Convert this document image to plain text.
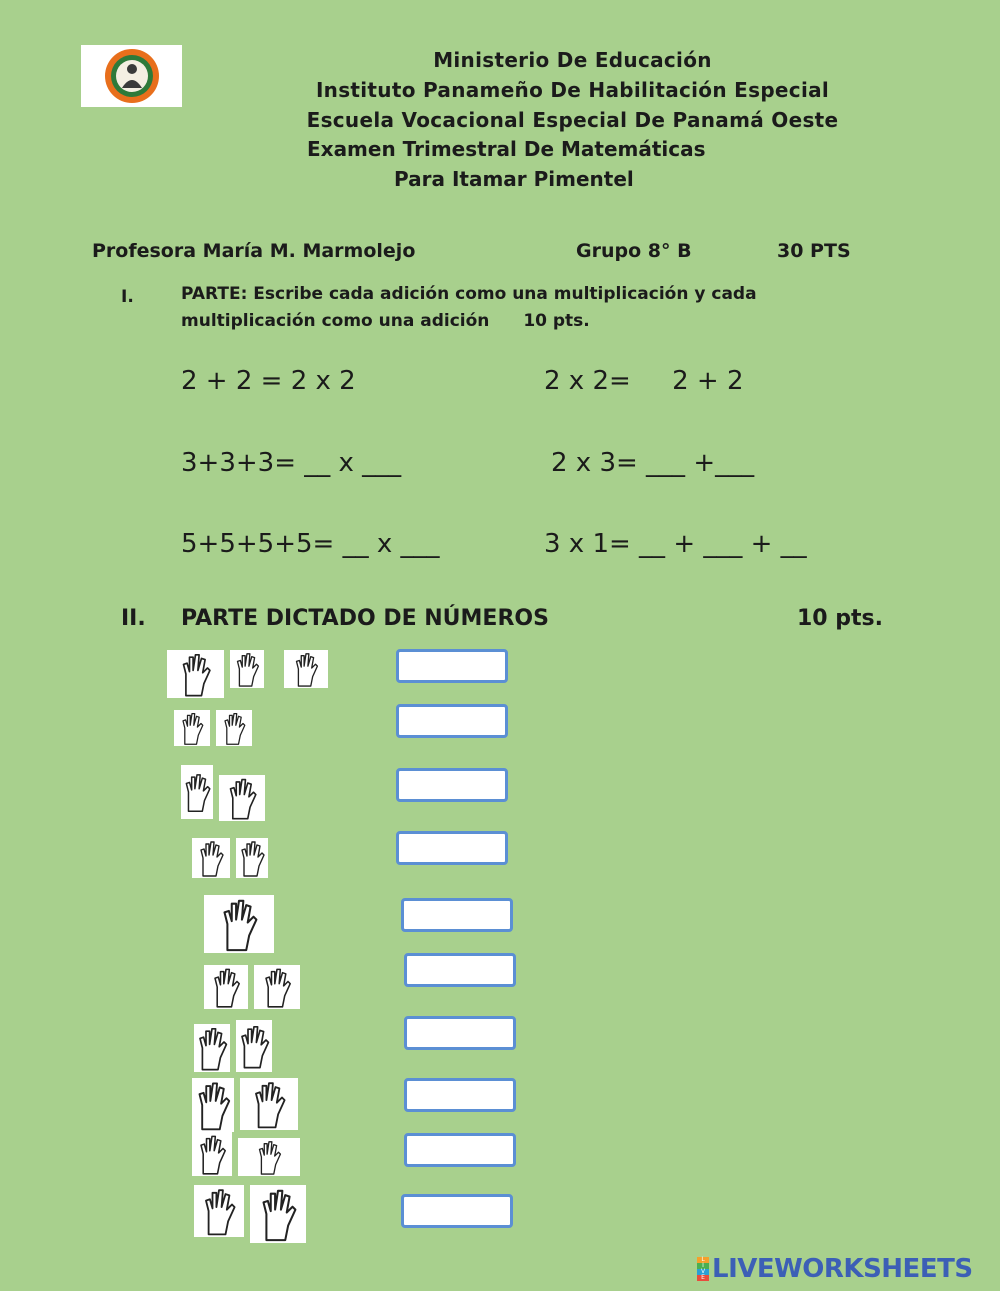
Ministerio De Educación
Instituto Panameño De Habilitación Especial
Escuela Vocacional Especial De Panamá Oeste
Examen Trimestral De Matemáticas
Para Itamar Pimentel
Profesora María M. Marmolejo	Grupo 8° B	30 PTS
I.	PARTE: Escribe cada adición como una multiplicación y cada
multiplicación como una adición 10 pts.
2 + 2 = 2 x 2	2 x 2=     2 + 2
3+3+3= __ x ___	2 x 3= ___ +___
5+5+5+5= __ x ___	3 x 1= __ + ___ + __
II. PARTE DICTADO DE NÚMEROS	10 pts.
L
I
V
E LIVEWORKSHEETS
